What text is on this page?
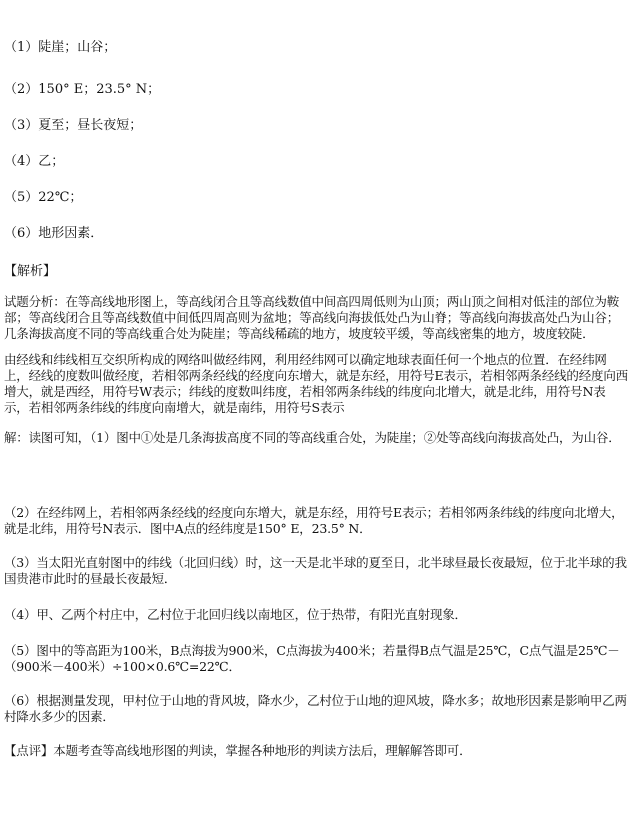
（1）陡崖；山谷；
（2）150° E；23.5° N；
（3）夏至；昼长夜短；
（4）乙；
（5）22℃；
（6）地形因素．
【解析】
试题分析：在等高线地形图上，等高线闭合且等高线数值中间高四周低则为山顶；两山顶之间相对低洼的部位为鞍部；等高线闭合且等高线数值中间低四周高则为盆地；等高线向海拔低处凸为山脊；等高线向海拔高处凸为山谷；几条海拔高度不同的等高线重合处为陡崖；等高线稀疏的地方，坡度较平缓，等高线密集的地方，坡度较陡．
由经线和纬线相互交织所构成的网络叫做经纬网，利用经纬网可以确定地球表面任何一个地点的位置．在经纬网上，经线的度数叫做经度，若相邻两条经线的经度向东增大，就是东经，用符号E表示，若相邻两条经线的经度向西增大，就是西经，用符号W表示；纬线的度数叫纬度，若相邻两条纬线的纬度向北增大，就是北纬，用符号N表示，若相邻两条纬线的纬度向南增大，就是南纬，用符号S表示
解：读图可知，（1）图中①处是几条海拔高度不同的等高线重合处，为陡崖；②处等高线向海拔高处凸，为山谷．
（2）在经纬网上，若相邻两条经线的经度向东增大，就是东经，用符号E表示；若相邻两条纬线的纬度向北增大，就是北纬，用符号N表示．图中A点的经纬度是150° E，23.5° N．
（3）当太阳光直射图中的纬线（北回归线）时，这一天是北半球的夏至日，北半球昼最长夜最短，位于北半球的我国贵港市此时的昼最长夜最短．
（4）甲、乙两个村庄中，乙村位于北回归线以南地区，位于热带，有阳光直射现象．
（5）图中的等高距为100米，B点海拔为900米，C点海拔为400米；若量得B点气温是25℃，C点气温是25℃－（900米－400米）÷100×0.6℃=22℃．
（6）根据测量发现，甲村位于山地的背风坡，降水少，乙村位于山地的迎风坡，降水多；故地形因素是影响甲乙两村降水多少的因素．
【点评】本题考查等高线地形图的判读，掌握各种地形的判读方法后，理解解答即可．
